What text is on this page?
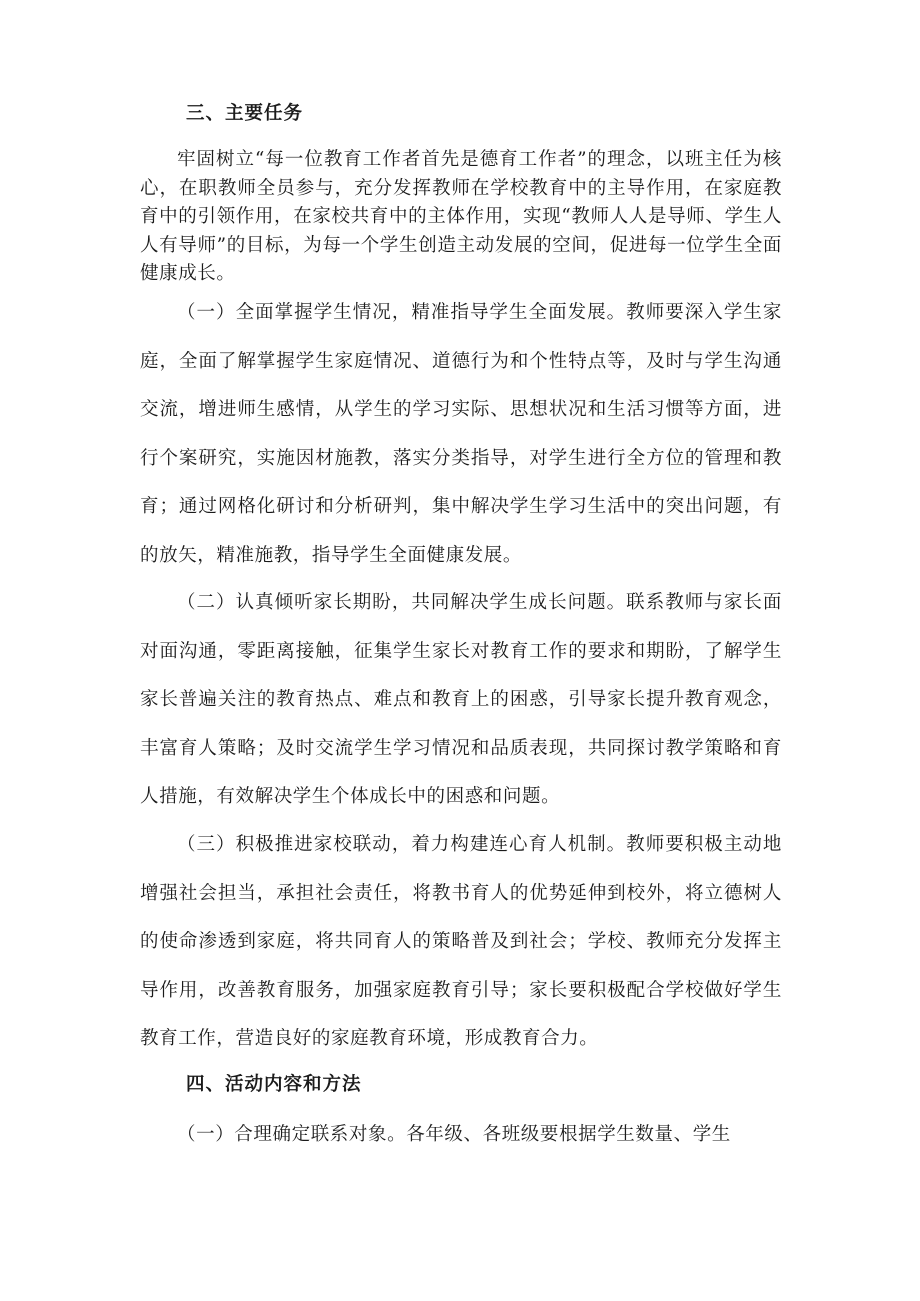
三、主要任务

牢固树立“每一位教育工作者首先是德育工作者”的理念，以班主任为核心，在职教师全员参与，充分发挥教师在学校教育中的主导作用，在家庭教育中的引领作用，在家校共育中的主体作用，实现“教师人人是导师、学生人人有导师”的目标，为每一个学生创造主动发展的空间，促进每一位学生全面健康成长。

（一）全面掌握学生情况，精准指导学生全面发展。教师要深入学生家庭，全面了解掌握学生家庭情况、道德行为和个性特点等，及时与学生沟通交流，增进师生感情，从学生的学习实际、思想状况和生活习惯等方面，进行个案研究，实施因材施教，落实分类指导，对学生进行全方位的管理和教育；通过网格化研讨和分析研判，集中解决学生学习生活中的突出问题，有的放矢，精准施教，指导学生全面健康发展。

（二）认真倾听家长期盼，共同解决学生成长问题。联系教师与家长面对面沟通，零距离接触，征集学生家长对教育工作的要求和期盼，了解学生家长普遍关注的教育热点、难点和教育上的困惑，引导家长提升教育观念，丰富育人策略；及时交流学生学习情况和品质表现，共同探讨教学策略和育人措施，有效解决学生个体成长中的困惑和问题。

（三）积极推进家校联动，着力构建连心育人机制。教师要积极主动地增强社会担当，承担社会责任，将教书育人的优势延伸到校外，将立德树人的使命渗透到家庭，将共同育人的策略普及到社会；学校、教师充分发挥主导作用，改善教育服务，加强家庭教育引导；家长要积极配合学校做好学生教育工作，营造良好的家庭教育环境，形成教育合力。

四、活动内容和方法

（一）合理确定联系对象。各年级、各班级要根据学生数量、学生
